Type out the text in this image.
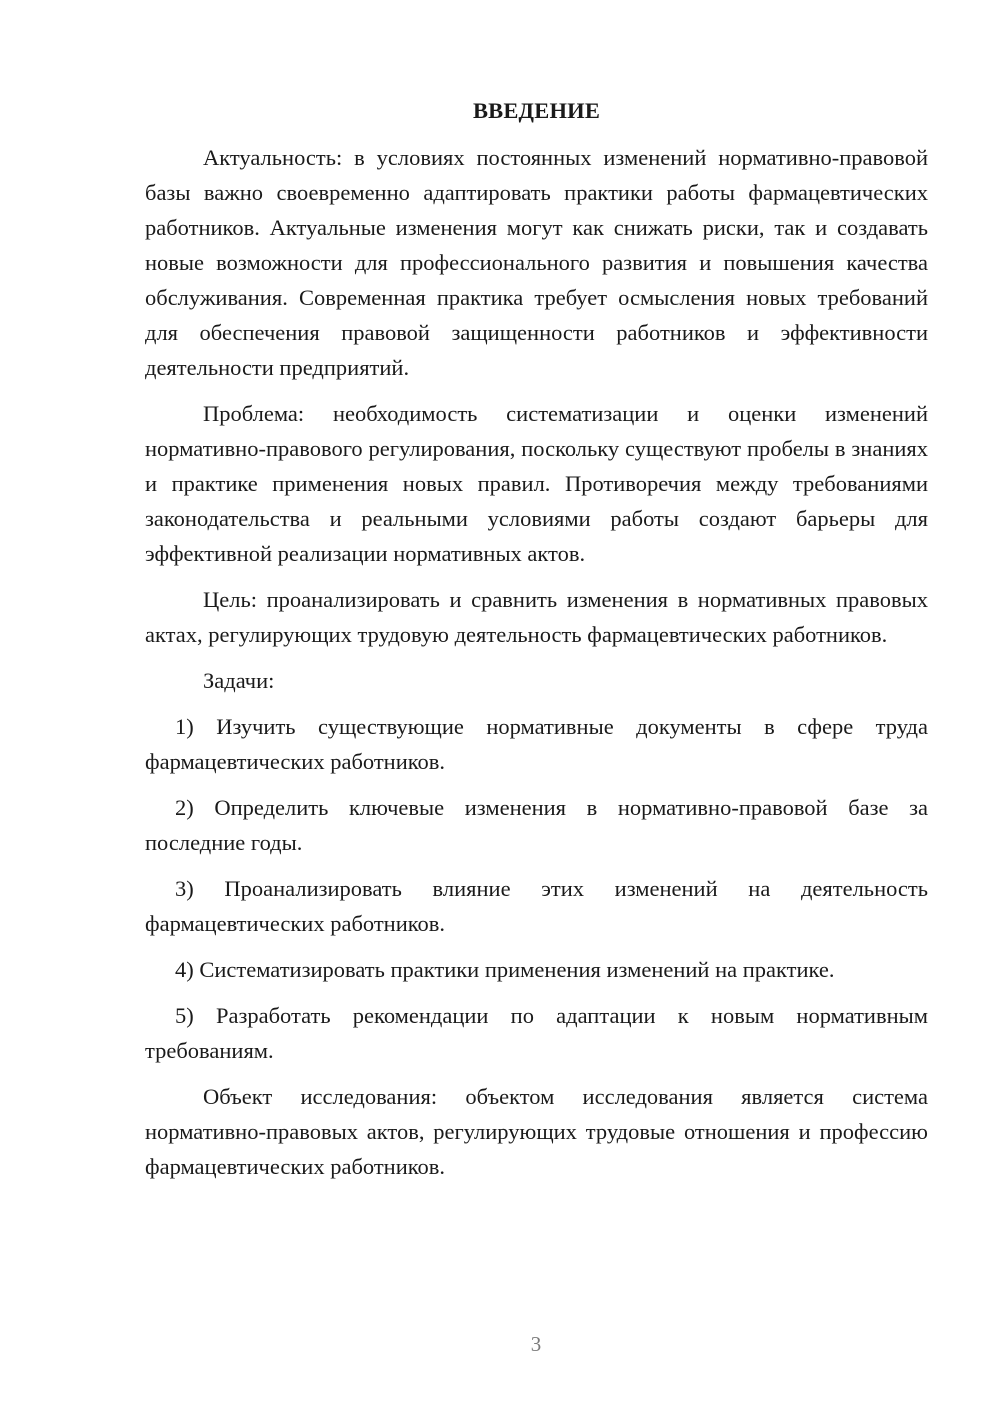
ВВЕДЕНИЕ

Актуальность: в условиях постоянных изменений нормативно-правовой базы важно своевременно адаптировать практики работы фармацевтических работников. Актуальные изменения могут как снижать риски, так и создавать новые возможности для профессионального развития и повышения качества обслуживания. Современная практика требует осмысления новых требований для обеспечения правовой защищенности работников и эффективности деятельности предприятий.

Проблема: необходимость систематизации и оценки изменений нормативно-правового регулирования, поскольку существуют пробелы в знаниях и практике применения новых правил. Противоречия между требованиями законодательства и реальными условиями работы создают барьеры для эффективной реализации нормативных актов.

Цель: проанализировать и сравнить изменения в нормативных правовых актах, регулирующих трудовую деятельность фармацевтических работников.

Задачи:

1) Изучить существующие нормативные документы в сфере труда фармацевтических работников.

2) Определить ключевые изменения в нормативно-правовой базе за последние годы.

3) Проанализировать влияние этих изменений на деятельность фармацевтических работников.

4) Систематизировать практики применения изменений на практике.

5) Разработать рекомендации по адаптации к новым нормативным требованиям.

Объект исследования: объектом исследования является система нормативно-правовых актов, регулирующих трудовые отношения и профессию фармацевтических работников.

3
